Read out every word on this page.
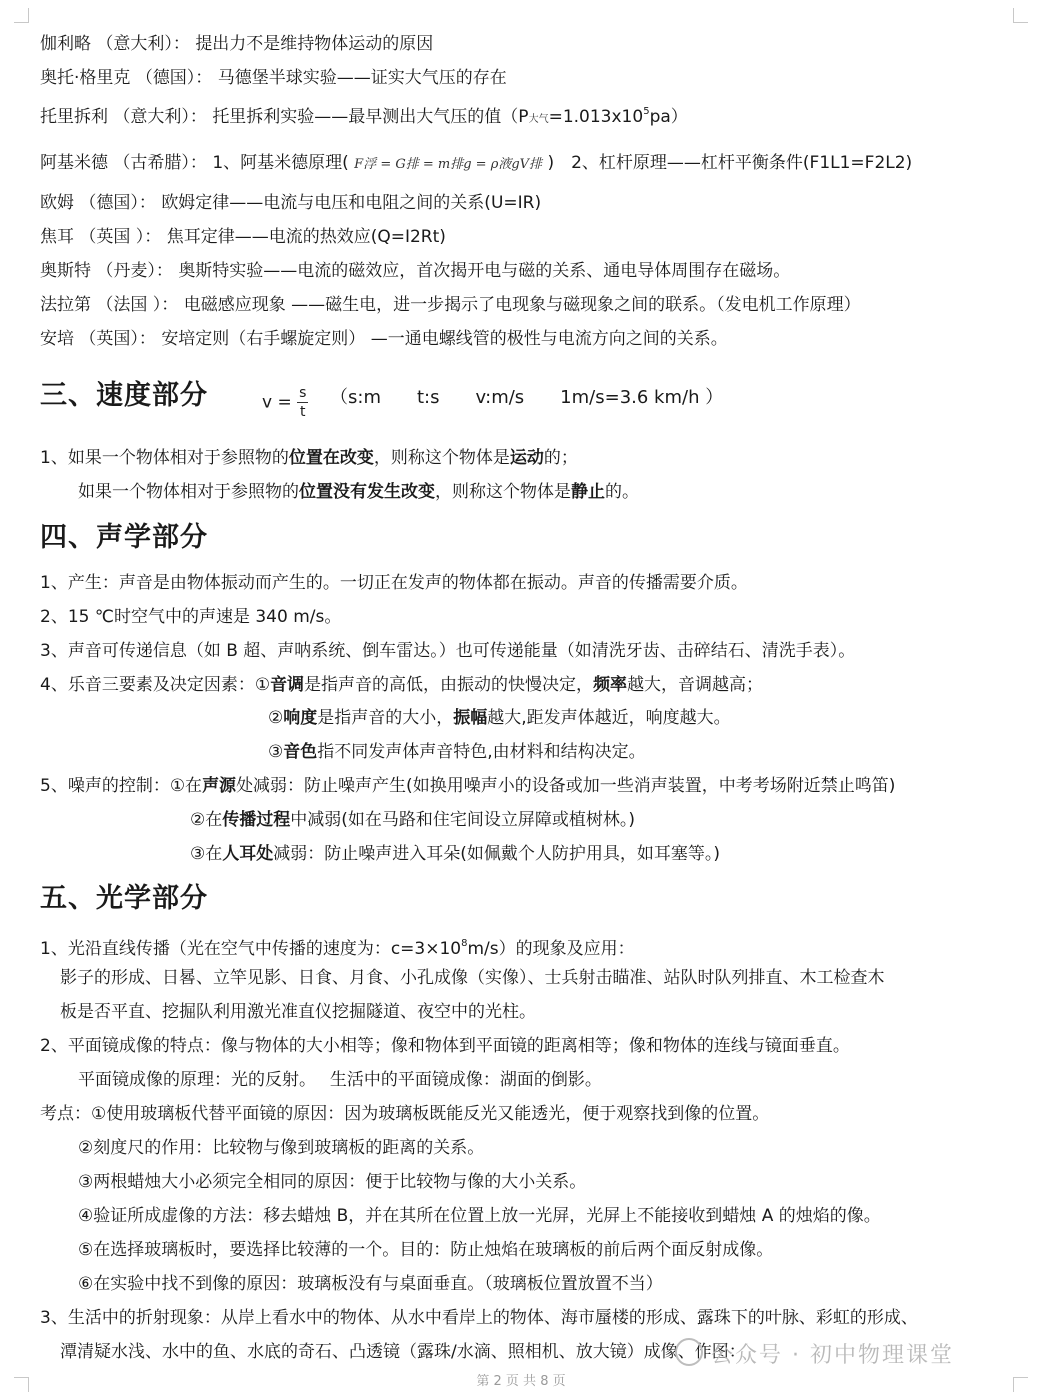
伽利略 （意大利）： 提出力不是维持物体运动的原因
奥托·格里克 （德国）： 马德堡半球实验——证实大气压的存在
托里拆利 （意大利）： 托里拆利实验——最早测出大气压的值（P大气$=1.013x10^5pa$）
阿基米德 （古希腊）： 1、阿基米德原理( F浮 = G排 = m排g = ρ液gV排 )　2、杠杆原理——杠杆平衡条件(F1L1=F2L2)
欧姆 （德国）： 欧姆定律——电流与电压和电阻之间的关系(U=IR)
焦耳 （英国 ）： 焦耳定律——电流的热效应(Q=I2Rt)
奥斯特 （丹麦）： 奥斯特实验——电流的磁效应，首次揭开电与磁的关系、通电导体周围存在磁场。
法拉第 （法国 ）： 电磁感应现象 ——磁生电，进一步揭示了电现象与磁现象之间的联系。（发电机工作原理）
安培 （英国）： 安培定则（右手螺旋定则） —一通电螺线管的极性与电流方向之间的关系。
三、速度部分	$v = \frac{s}{t}$ （s:m　　t:s　　v:m/s　　1m/s=3.6 km/h ）
1、如果一个物体相对于参照物的位置在改变，则称这个物体是运动的；
如果一个物体相对于参照物的位置没有发生改变，则称这个物体是静止的。
四、声学部分
1、产生：声音是由物体振动而产生的。一切正在发声的物体都在振动。声音的传播需要介质。
2、15 ℃时空气中的声速是 340 m/s。
3、声音可传递信息（如 B 超、声呐系统、倒车雷达。）也可传递能量（如清洗牙齿、击碎结石、清洗手表）。
4、乐音三要素及决定因素：①音调是指声音的高低，由振动的快慢决定，频率越大，音调越高；
②响度是指声音的大小，振幅越大,距发声体越近，响度越大。
③音色指不同发声体声音特色,由材料和结构决定。
5、噪声的控制：①在声源处减弱：防止噪声产生(如换用噪声小的设备或加一些消声装置，中考考场附近禁止鸣笛)
②在传播过程中减弱(如在马路和住宅间设立屏障或植树林。)
③在人耳处减弱：防止噪声进入耳朵(如佩戴个人防护用具，如耳塞等。)
五、光学部分
1、光沿直线传播（光在空气中传播的速度为：$c=3\times 10^8m/s$）的现象及应用：
影子的形成、日晷、立竿见影、日食、月食、小孔成像（实像）、士兵射击瞄准、站队时队列排直、木工检查木
板是否平直、挖掘队利用激光准直仪挖掘隧道、夜空中的光柱。
2、平面镜成像的特点：像与物体的大小相等；像和物体到平面镜的距离相等；像和物体的连线与镜面垂直。
平面镜成像的原理：光的反射。　 生活中的平面镜成像：湖面的倒影。
考点：①使用玻璃板代替平面镜的原因：因为玻璃板既能反光又能透光，便于观察找到像的位置。
②刻度尺的作用：比较物与像到玻璃板的距离的关系。
③两根蜡烛大小必须完全相同的原因：便于比较物与像的大小关系。
④验证所成虚像的方法：移去蜡烛 B，并在其所在位置上放一光屏，光屏上不能接收到蜡烛 A 的烛焰的像。
⑤在选择玻璃板时，要选择比较薄的一个。目的：防止烛焰在玻璃板的前后两个面反射成像。
⑥在实验中找不到像的原因：玻璃板没有与桌面垂直。（玻璃板位置放置不当）
3、生活中的折射现象：从岸上看水中的物体、从水中看岸上的物体、海市蜃楼的形成、露珠下的叶脉、彩虹的形成、
潭清疑水浅、水中的鱼、水底的奇石、凸透镜（露珠/水滴、照相机、放大镜）成像、作图：
公众号 · 初中物理课堂
第 2 页 共 8 页
